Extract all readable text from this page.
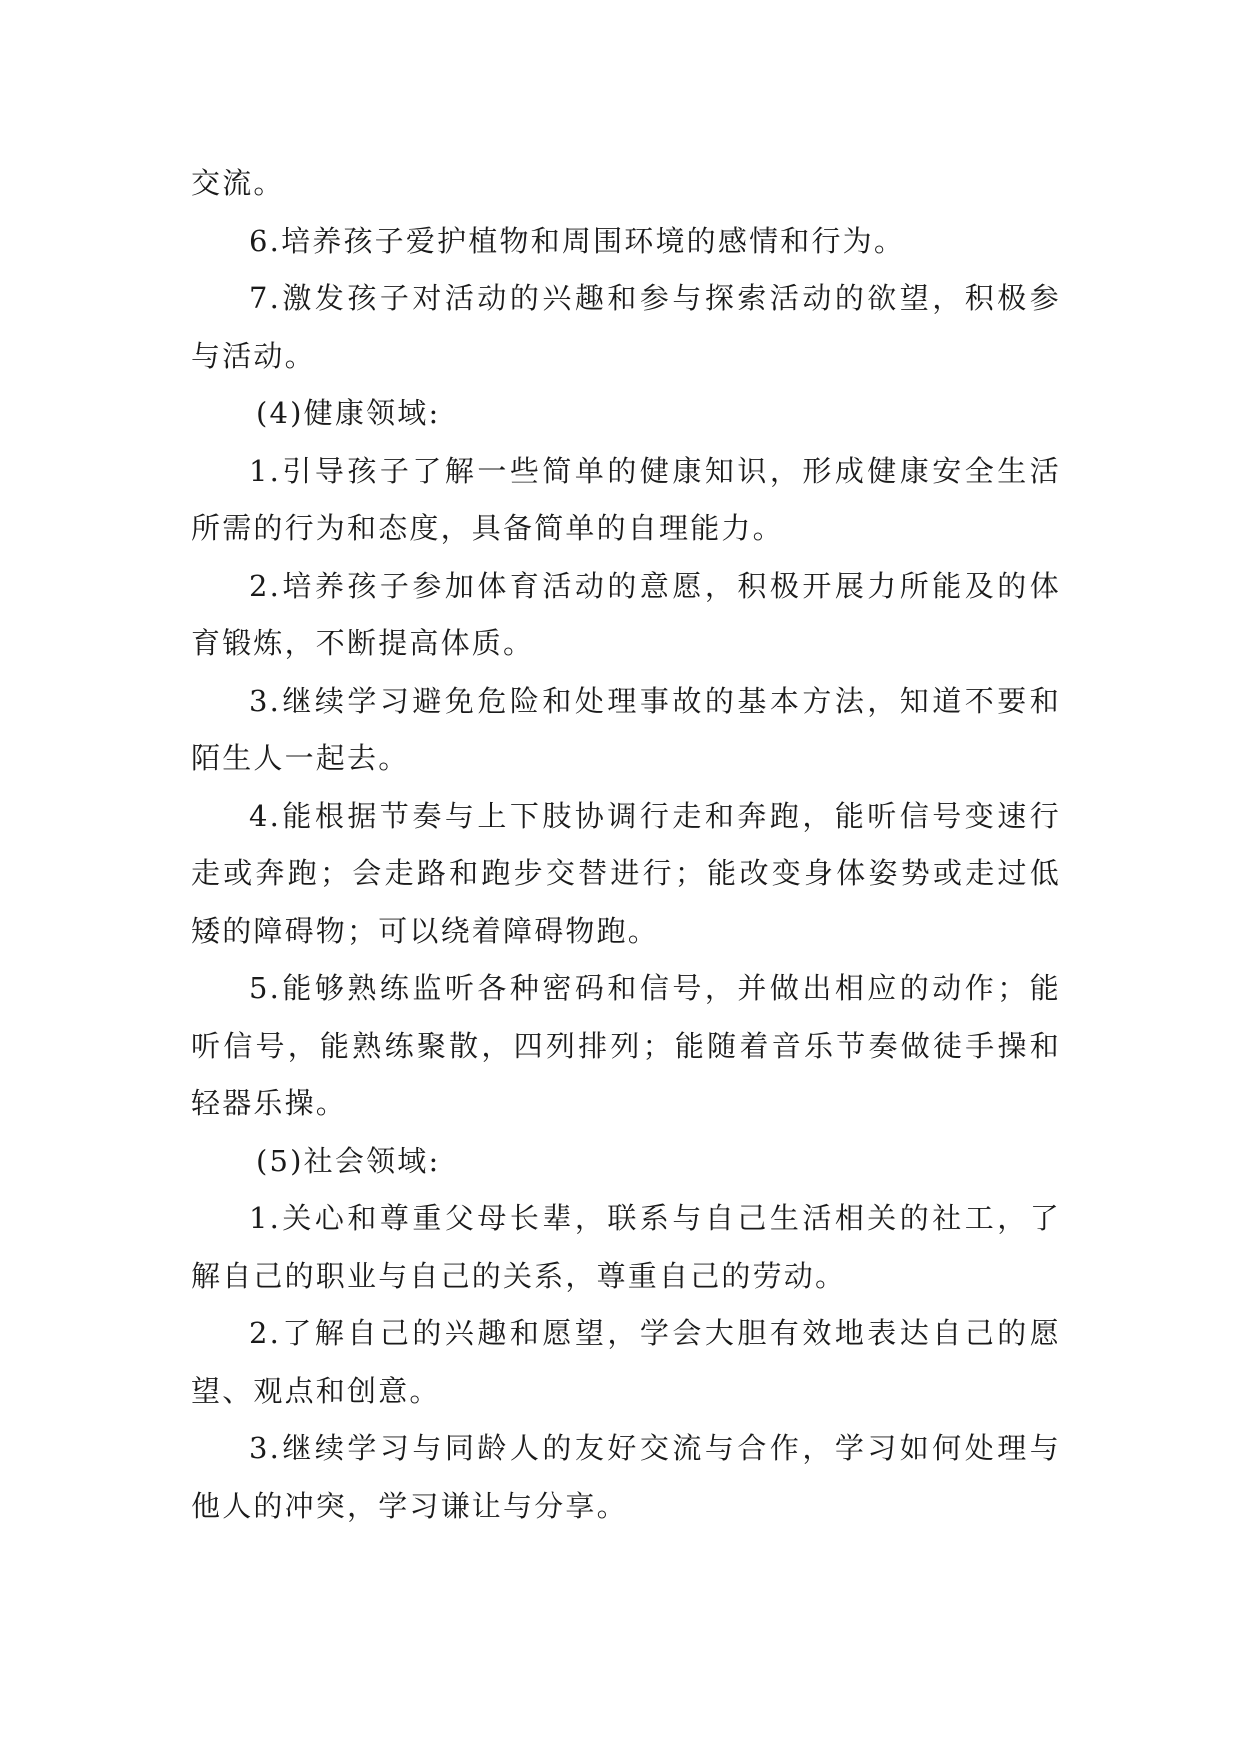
交流。

6.培养孩子爱护植物和周围环境的感情和行为。

7.激发孩子对活动的兴趣和参与探索活动的欲望，积极参与活动。

(4)健康领域:

1.引导孩子了解一些简单的健康知识，形成健康安全生活所需的行为和态度，具备简单的自理能力。

2.培养孩子参加体育活动的意愿，积极开展力所能及的体育锻炼，不断提高体质。

3.继续学习避免危险和处理事故的基本方法，知道不要和陌生人一起去。

4.能根据节奏与上下肢协调行走和奔跑，能听信号变速行走或奔跑；会走路和跑步交替进行；能改变身体姿势或走过低矮的障碍物；可以绕着障碍物跑。

5.能够熟练监听各种密码和信号，并做出相应的动作；能听信号，能熟练聚散，四列排列；能随着音乐节奏做徒手操和轻器乐操。

(5)社会领域:

1.关心和尊重父母长辈，联系与自己生活相关的社工，了解自己的职业与自己的关系，尊重自己的劳动。

2.了解自己的兴趣和愿望，学会大胆有效地表达自己的愿望、观点和创意。

3.继续学习与同龄人的友好交流与合作，学习如何处理与他人的冲突，学习谦让与分享。
